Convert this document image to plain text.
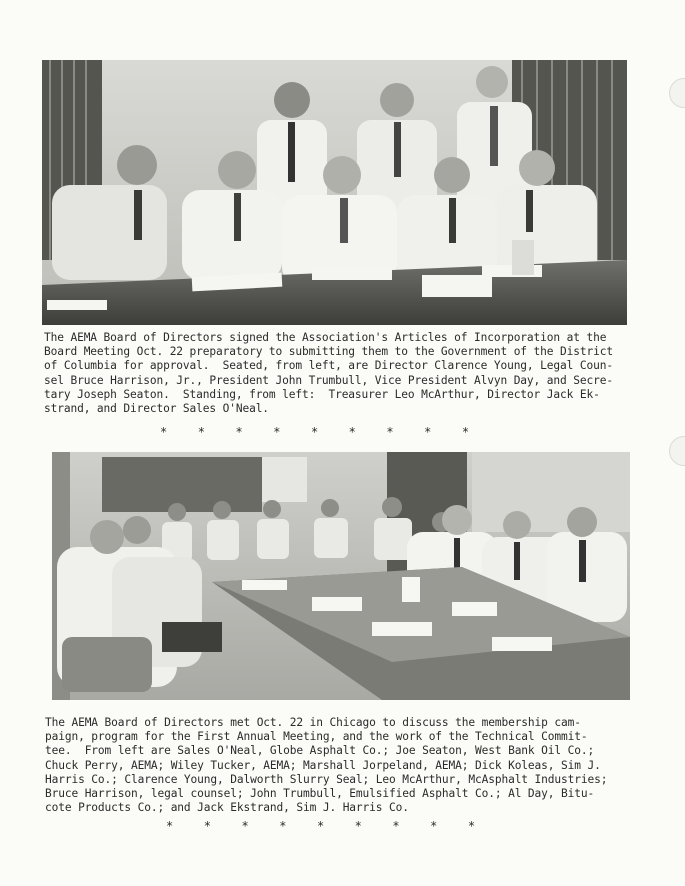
The AEMA Board of Directors signed the Association's Articles of Incorporation at the
Board Meeting Oct. 22 preparatory to submitting them to the Government of the District
of Columbia for approval.  Seated, from left, are Director Clarence Young, Legal Coun-
sel Bruce Harrison, Jr., President John Trumbull, Vice President Alvyn Day, and Secre-
tary Joseph Seaton.  Standing, from left:  Treasurer Leo McArthur, Director Jack Ek-
strand, and Director Sales O'Neal.
*	*	*	*	*	*	*	*	*
The AEMA Board of Directors met Oct. 22 in Chicago to discuss the membership cam-
paign, program for the First Annual Meeting, and the work of the Technical Commit-
tee.  From left are Sales O'Neal, Globe Asphalt Co.; Joe Seaton, West Bank Oil Co.;
Chuck Perry, AEMA; Wiley Tucker, AEMA; Marshall Jorpeland, AEMA; Dick Koleas, Sim J.
Harris Co.; Clarence Young, Dalworth Slurry Seal; Leo McArthur, McAsphalt Industries;
Bruce Harrison, legal counsel; John Trumbull, Emulsified Asphalt Co.; Al Day, Bitu-
cote Products Co.; and Jack Ekstrand, Sim J. Harris Co.
*	*	*	*	*	*	*	*	*
